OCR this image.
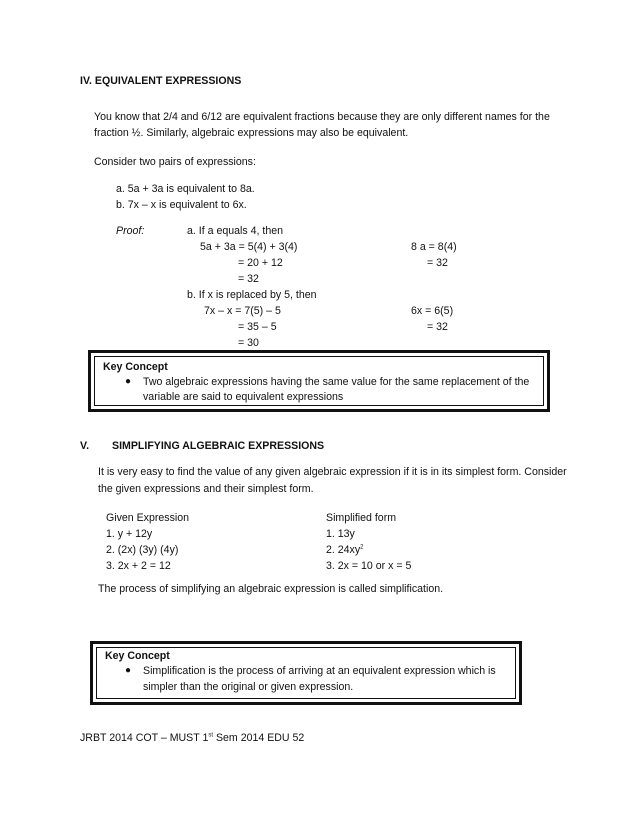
IV. EQUIVALENT EXPRESSIONS
You know that 2/4 and 6/12 are equivalent fractions because they are only different names for the
fraction ½. Similarly, algebraic expressions may also be equivalent.
Consider two pairs of expressions:
a. 5a + 3a is equivalent to 8a.
b. 7x – x is equivalent to 6x.
Proof:	a. If a equals 4, then
5a + 3a = 5(4) + 3(4)
= 20 + 12
= 32
8 a = 8(4)
= 32
b. If x is replaced by 5, then
7x – x = 7(5) – 5
= 35 – 5
= 30
6x = 6(5)
= 32
Key Concept
● Two algebraic expressions having the same value for the same replacement of the
variable are said to equivalent expressions
V. SIMPLIFYING ALGEBRAIC EXPRESSIONS
It is very easy to find the value of any given algebraic expression if it is in its simplest form. Consider
the given expressions and their simplest form.
Given Expression
1. y + 12y
2. (2x) (3y) (4y)
3. 2x + 2 = 12
Simplified form
1. 13y
2. $24xy^2$
3. 2x = 10 or x = 5
The process of simplifying an algebraic expression is called simplification.
Key Concept
● Simplification is the process of arriving at an equivalent expression which is
simpler than the original or given expression.
JRBT 2014 COT – MUST 1st Sem 2014 EDU 52
